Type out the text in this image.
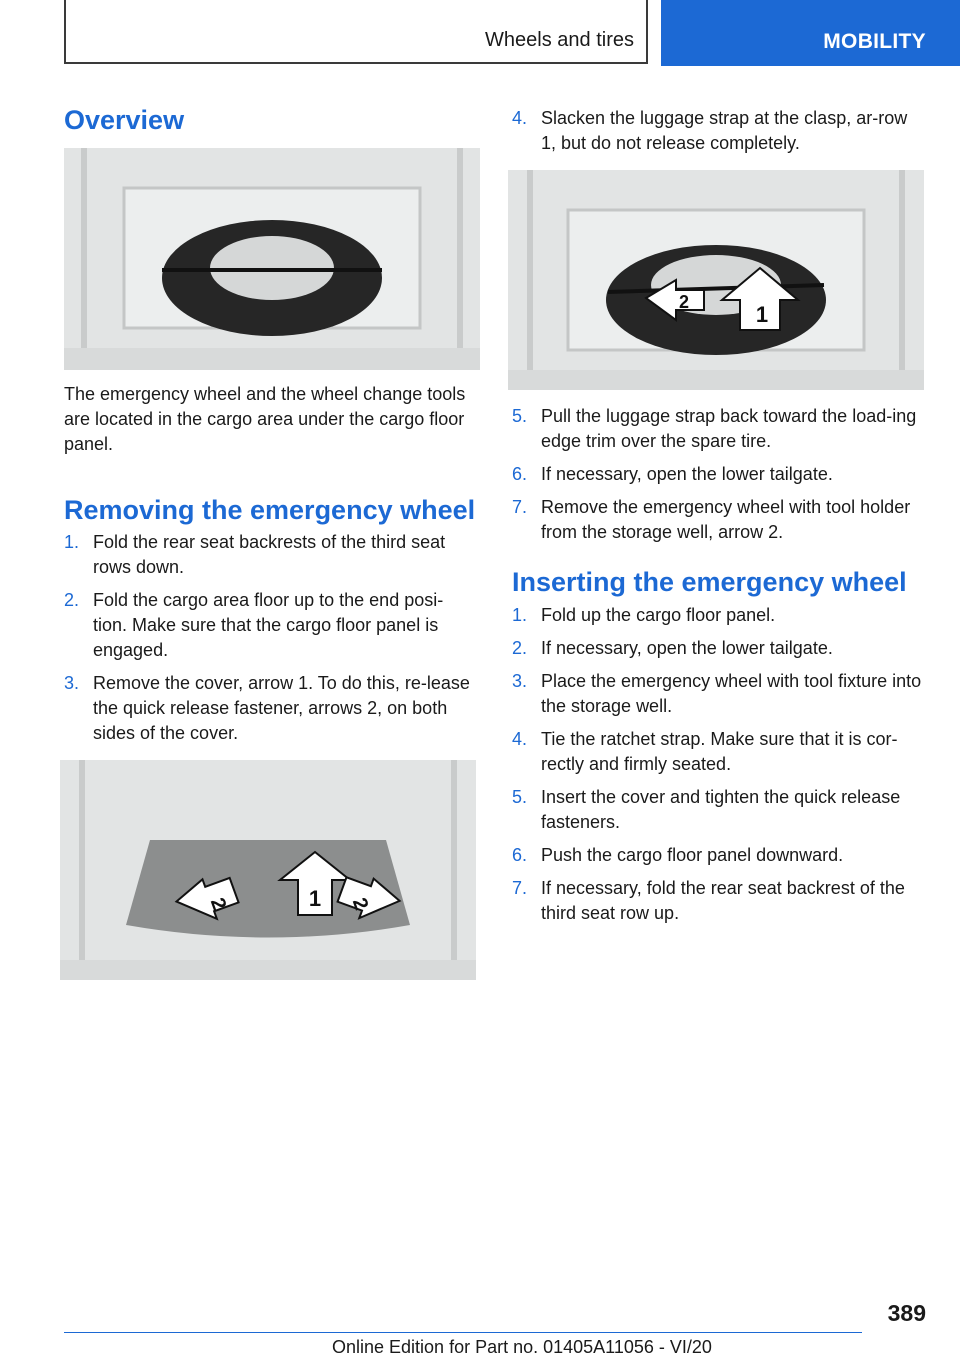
Wheels and tires	MOBILITY
Overview

The emergency wheel and the wheel change tools are located in the cargo area under the cargo floor panel.

Removing the emergency wheel
1. Fold the rear seat backrests of the third seat rows down.
2. Fold the cargo area floor up to the end posi-tion. Make sure that the cargo floor panel is engaged.
3. Remove the cover, arrow 1. To do this, re-lease the quick release fastener, arrows 2, on both sides of the cover.
1
2	2
4. Slacken the luggage strap at the clasp, ar-row 1, but do not release completely.
1
2
5. Pull the luggage strap back toward the load-ing edge trim over the spare tire.
6. If necessary, open the lower tailgate.
7. Remove the emergency wheel with tool holder from the storage well, arrow 2.
Inserting the emergency wheel
1. Fold up the cargo floor panel.
2. If necessary, open the lower tailgate.
3. Place the emergency wheel with tool fixture into the storage well.
4. Tie the ratchet strap. Make sure that it is cor-rectly and firmly seated.
5. Insert the cover and tighten the quick release fasteners.
6. Push the cargo floor panel downward.
7. If necessary, fold the rear seat backrest of the third seat row up.
389
Online Edition for Part no. 01405A11056 - VI/20
